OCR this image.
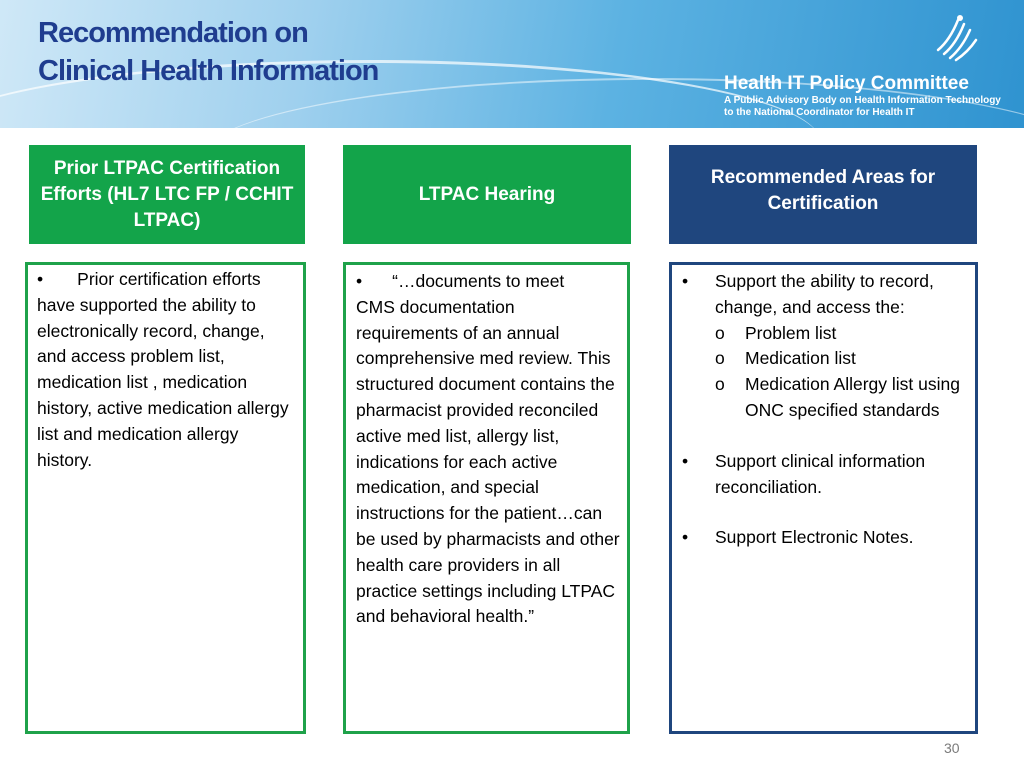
Recommendation on
Clinical Health Information	Health IT Policy Committee
A Public Advisory Body on Health Information Technology
to the National Coordinator for Health IT
Prior LTPAC Certification Efforts (HL7 LTC FP / CCHIT LTPAC)
LTPAC Hearing
Recommended Areas for Certification
• Prior certification efforts have supported the ability to electronically record, change, and access problem list, medication list , medication history, active medication allergy list and medication allergy history.
• “…documents to meet
CMS documentation requirements of an annual comprehensive med review. This structured document contains the pharmacist provided reconciled active med list, allergy list, indications for each active medication, and special instructions for the patient…can be used by pharmacists and other health care providers in all practice settings including LTPAC and behavioral health.”
• Support the ability to record, change, and access the:
o Problem list
o Medication list
o Medication Allergy list using ONC specified standards
• Support clinical information reconciliation.
• Support Electronic Notes.
30
